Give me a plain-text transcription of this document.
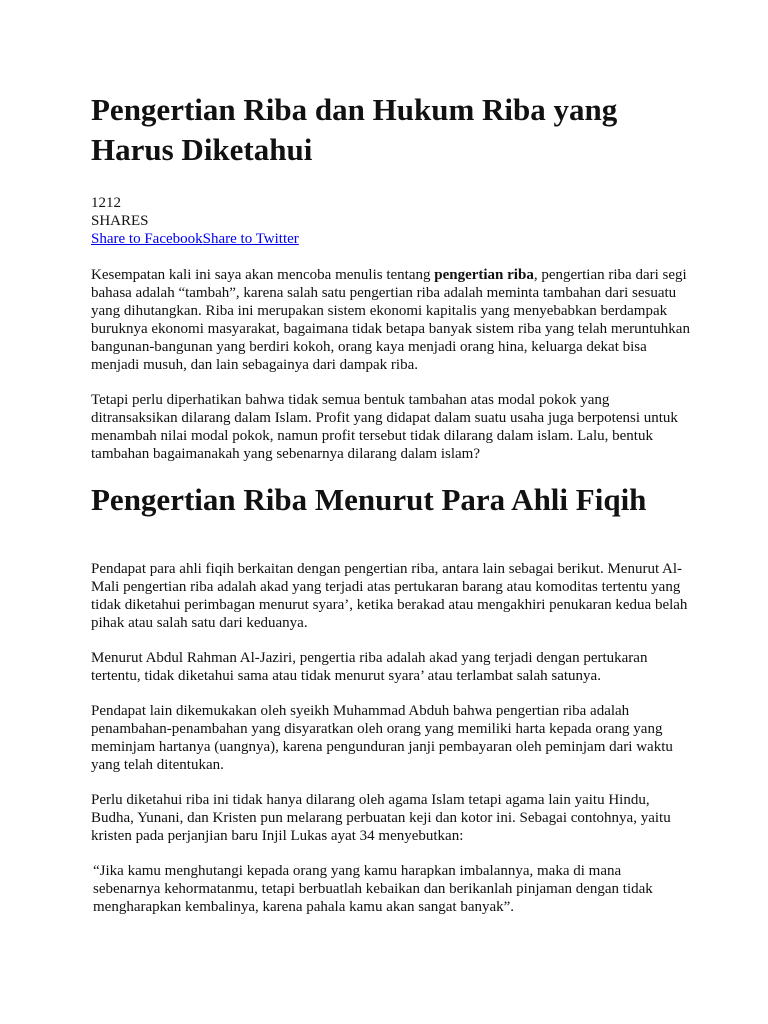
Pengertian Riba dan Hukum Riba yang Harus Diketahui
1212
SHARES
Share to FacebookShare to Twitter

Kesempatan kali ini saya akan mencoba menulis tentang pengertian riba, pengertian riba dari segi bahasa adalah “tambah”, karena salah satu pengertian riba adalah meminta tambahan dari sesuatu yang dihutangkan. Riba ini merupakan sistem ekonomi kapitalis yang menyebabkan berdampak buruknya ekonomi masyarakat, bagaimana tidak betapa banyak sistem riba yang telah meruntuhkan bangunan-bangunan yang berdiri kokoh, orang kaya menjadi orang hina, keluarga dekat bisa menjadi musuh, dan lain sebagainya dari dampak riba.

Tetapi perlu diperhatikan bahwa tidak semua bentuk tambahan atas modal pokok yang ditransaksikan dilarang dalam Islam. Profit yang didapat dalam suatu usaha juga berpotensi untuk menambah nilai modal pokok, namun profit tersebut tidak dilarang dalam islam. Lalu, bentuk tambahan bagaimanakah yang sebenarnya dilarang dalam islam?

Pengertian Riba Menurut Para Ahli Fiqih

Pendapat para ahli fiqih berkaitan dengan pengertian riba, antara lain sebagai berikut. Menurut Al-Mali pengertian riba adalah akad yang terjadi atas pertukaran barang atau komoditas tertentu yang tidak diketahui perimbagan menurut syara’, ketika berakad atau mengakhiri penukaran kedua belah pihak atau salah satu dari keduanya.

Menurut Abdul Rahman Al-Jaziri, pengertia riba adalah akad yang terjadi dengan pertukaran tertentu, tidak diketahui sama atau tidak menurut syara’ atau terlambat salah satunya.

Pendapat lain dikemukakan oleh syeikh Muhammad Abduh bahwa pengertian riba adalah penambahan-penambahan yang disyaratkan oleh orang yang memiliki harta kepada orang yang meminjam hartanya (uangnya), karena pengunduran janji pembayaran oleh peminjam dari waktu yang telah ditentukan.

Perlu diketahui riba ini tidak hanya dilarang oleh agama Islam tetapi agama lain yaitu Hindu, Budha, Yunani, dan Kristen pun melarang perbuatan keji dan kotor ini. Sebagai contohnya, yaitu kristen pada perjanjian baru Injil Lukas ayat 34 menyebutkan:

“Jika kamu menghutangi kepada orang yang kamu harapkan imbalannya, maka di mana sebenarnya kehormatanmu, tetapi berbuatlah kebaikan dan berikanlah pinjaman dengan tidak mengharapkan kembalinya, karena pahala kamu akan sangat banyak”.
